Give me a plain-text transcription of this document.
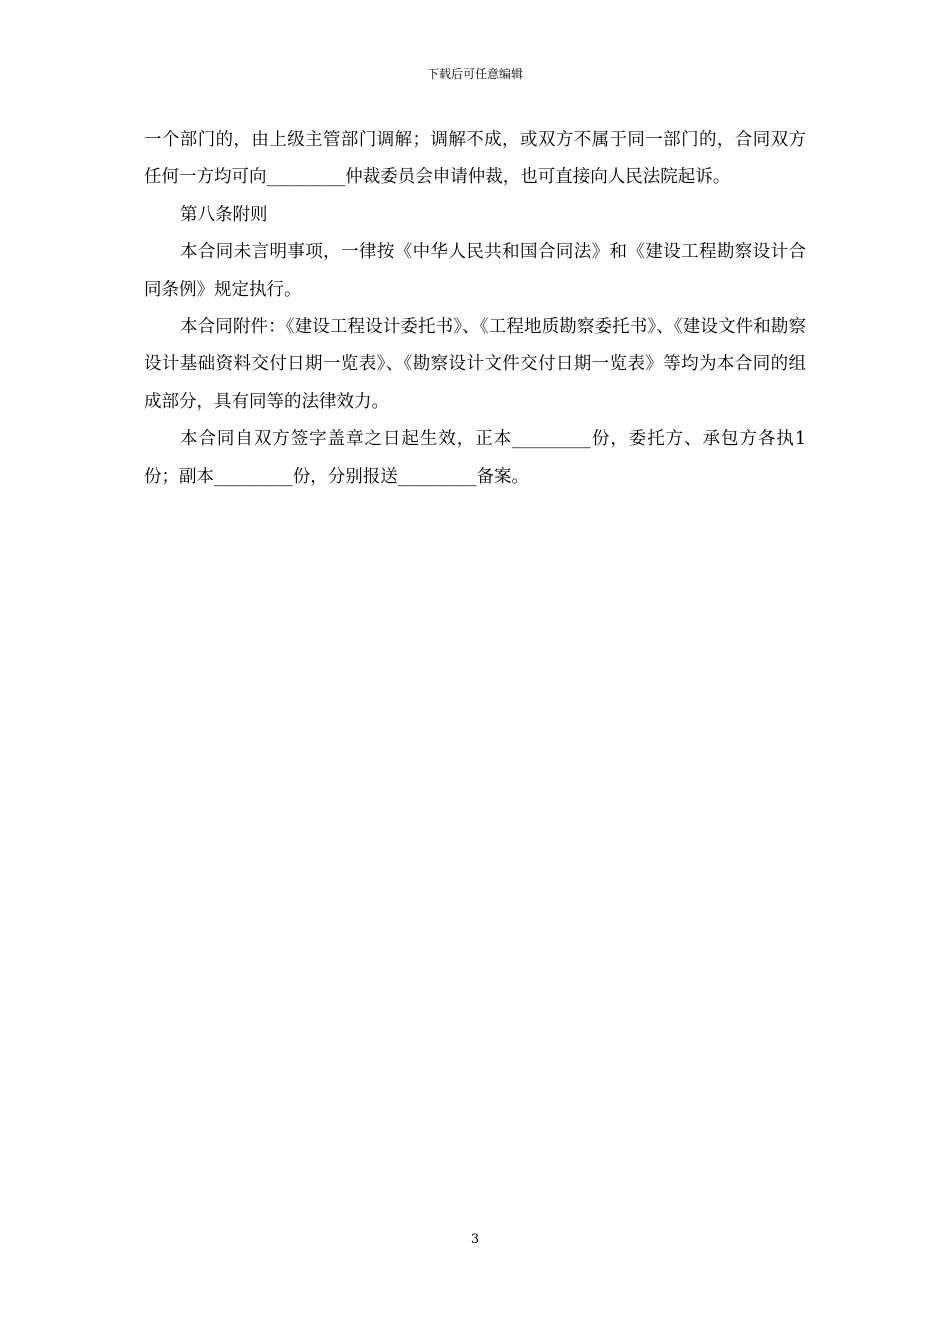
下载后可任意编辑

一个部门的，由上级主管部门调解；调解不成，或双方不属于同一部门的，合同双方任何一方均可向_________仲裁委员会申请仲裁，也可直接向人民法院起诉。

第八条附则

本合同未言明事项，一律按《中华人民共和国合同法》和《建设工程勘察设计合同条例》规定执行。

本合同附件：《建设工程设计委托书》、《工程地质勘察委托书》、《建设文件和勘察设计基础资料交付日期一览表》、《勘察设计文件交付日期一览表》等均为本合同的组成部分，具有同等的法律效力。

本合同自双方签字盖章之日起生效，正本_________份，委托方、承包方各执1份；副本_________份，分别报送_________备案。

3
